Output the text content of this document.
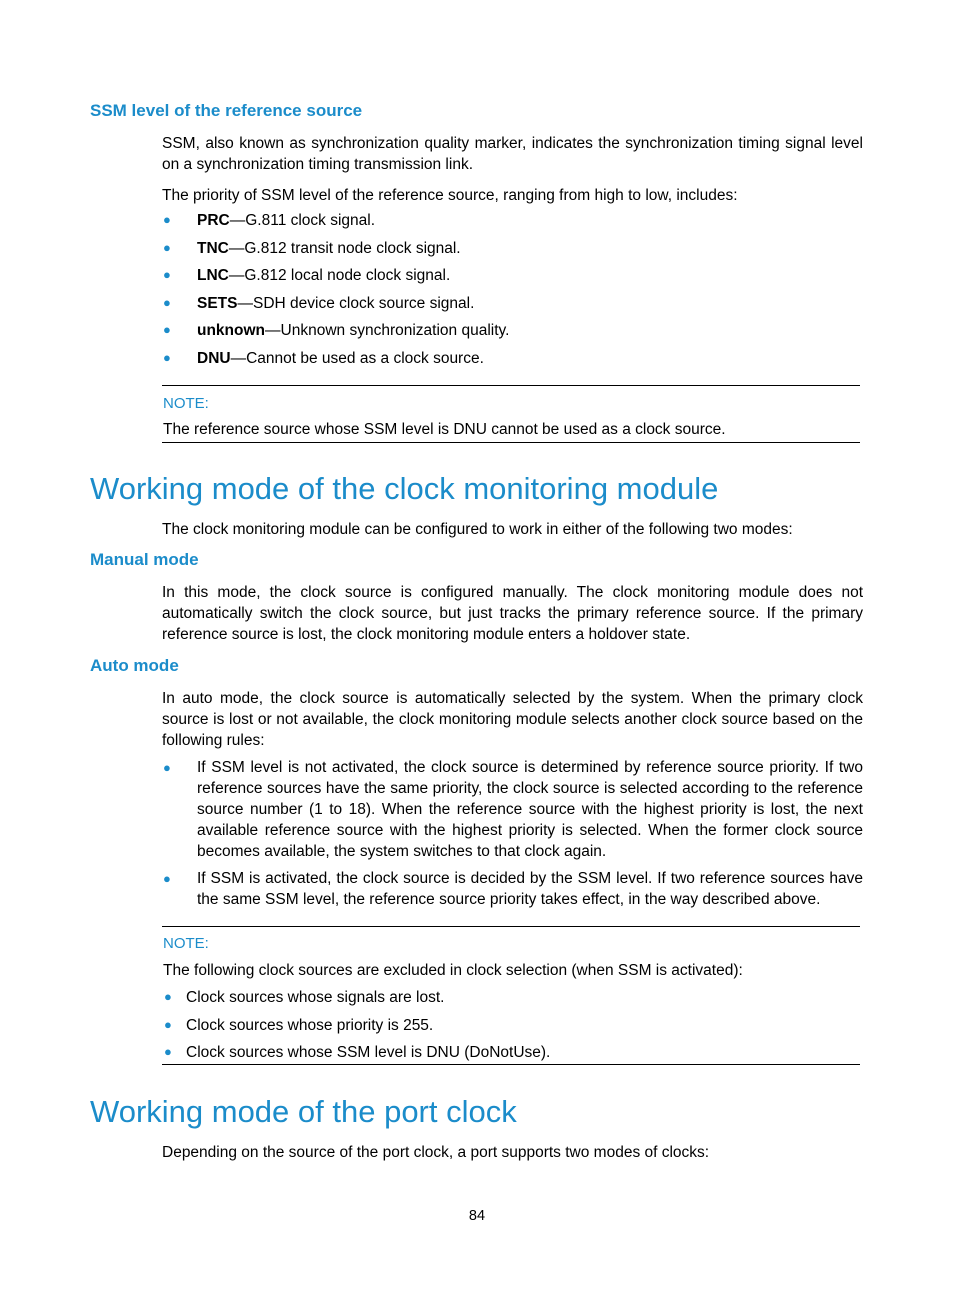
SSM level of the reference source

SSM, also known as synchronization quality marker, indicates the synchronization timing signal level on a synchronization timing transmission link.

The priority of SSM level of the reference source, ranging from high to low, includes:

● PRC—G.811 clock signal.
● TNC—G.812 transit node clock signal.
● LNC—G.812 local node clock signal.
● SETS—SDH device clock source signal.
● unknown—Unknown synchronization quality.
● DNU—Cannot be used as a clock source.

NOTE:

The reference source whose SSM level is DNU cannot be used as a clock source.

Working mode of the clock monitoring module

The clock monitoring module can be configured to work in either of the following two modes:

Manual mode

In this mode, the clock source is configured manually. The clock monitoring module does not automatically switch the clock source, but just tracks the primary reference source. If the primary reference source is lost, the clock monitoring module enters a holdover state.

Auto mode

In auto mode, the clock source is automatically selected by the system. When the primary clock source is lost or not available, the clock monitoring module selects another clock source based on the following rules:

● If SSM level is not activated, the clock source is determined by reference source priority. If two reference sources have the same priority, the clock source is selected according to the reference source number (1 to 18). When the reference source with the highest priority is lost, the next available reference source with the highest priority is selected. When the former clock source becomes available, the system switches to that clock again.
● If SSM is activated, the clock source is decided by the SSM level. If two reference sources have the same SSM level, the reference source priority takes effect, in the way described above.

NOTE:

The following clock sources are excluded in clock selection (when SSM is activated):

● Clock sources whose signals are lost.
● Clock sources whose priority is 255.
● Clock sources whose SSM level is DNU (DoNotUse).
Working mode of the port clock

Depending on the source of the port clock, a port supports two modes of clocks:

84
